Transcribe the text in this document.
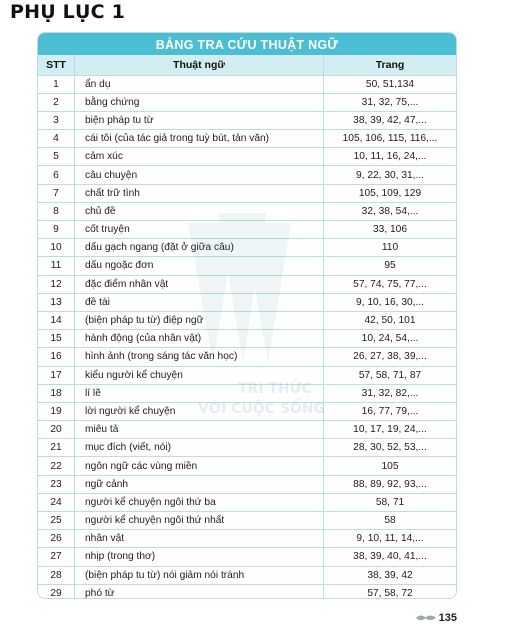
PHỤ LỤC 1
TRI THỨC
VỚI CUỘC SỐNG
BẢNG TRA CỨU THUẬT NGỮ
STT	Thuật ngữ	Trang
1	ẩn dụ	50, 51,134
2	bằng chứng	31, 32, 75,...
3	biện pháp tu từ	38, 39, 42, 47,...
4	cái tôi (của tác giả trong tuỳ bút, tản văn)	105, 106, 115, 116,...
5	cảm xúc	10, 11, 16, 24,...
6	câu chuyện	9, 22, 30, 31,...
7	chất trữ tình	105, 109, 129
8	chủ đề	32, 38, 54,...
9	cốt truyện	33, 106
10	dấu gạch ngang (đặt ở giữa câu)	110
11	dấu ngoặc đơn	95
12	đặc điểm nhân vật	57, 74, 75, 77,...
13	đề tài	9, 10, 16, 30,...
14	(biện pháp tu từ) điệp ngữ	42, 50, 101
15	hành động (của nhân vật)	10, 24, 54,...
16	hình ảnh (trong sáng tác văn học)	26, 27, 38, 39,...
17	kiểu người kể chuyện	57, 58, 71, 87
18	lí lẽ	31, 32, 82,...
19	lời người kể chuyện	16, 77, 79,...
20	miêu tả	10, 17, 19, 24,...
21	mục đích (viết, nói)	28, 30, 52, 53,...
22	ngôn ngữ các vùng miền	105
23	ngữ cảnh	88, 89, 92, 93,...
24	người kể chuyện ngôi thứ ba	58, 71
25	người kể chuyện ngôi thứ nhất	58
26	nhân vật	9, 10, 11, 14,...
27	nhịp (trong thơ)	38, 39, 40, 41,...
28	(biện pháp tu từ) nói giảm nói tránh	38, 39, 42
29	phó từ	57, 58, 72
135
